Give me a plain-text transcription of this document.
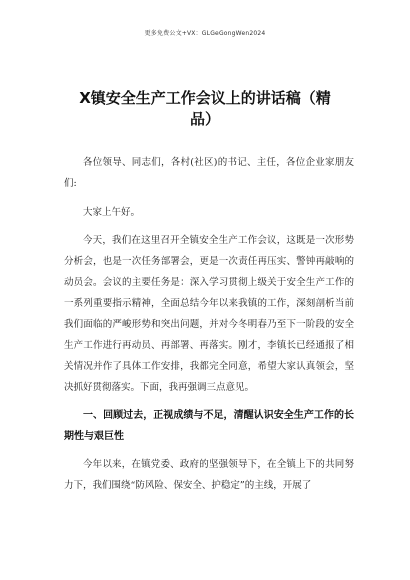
更多免费公文+VX：GLGeGongWen2024
X镇安全生产工作会议上的讲话稿（精品）

各位领导、同志们，各村(社区)的书记、主任，各位企业家朋友们:

大家上午好。

今天，我们在这里召开全镇安全生产工作会议，这既是一次形势分析会，也是一次任务部署会，更是一次责任再压实、警钟再敲响的动员会。会议的主要任务是：深入学习贯彻上级关于安全生产工作的一系列重要指示精神，全面总结今年以来我镇的工作，深刻剖析当前我们面临的严峻形势和突出问题，并对今冬明春乃至下一阶段的安全生产工作进行再动员、再部署、再落实。刚才，李镇长已经通报了相关情况并作了具体工作安排，我都完全同意，希望大家认真领会，坚决抓好贯彻落实。下面，我再强调三点意见。

一、回顾过去，正视成绩与不足，清醒认识安全生产工作的长期性与艰巨性

今年以来，在镇党委、政府的坚强领导下，在全镇上下的共同努力下，我们围绕“防风险、保安全、护稳定”的主线，开展了
